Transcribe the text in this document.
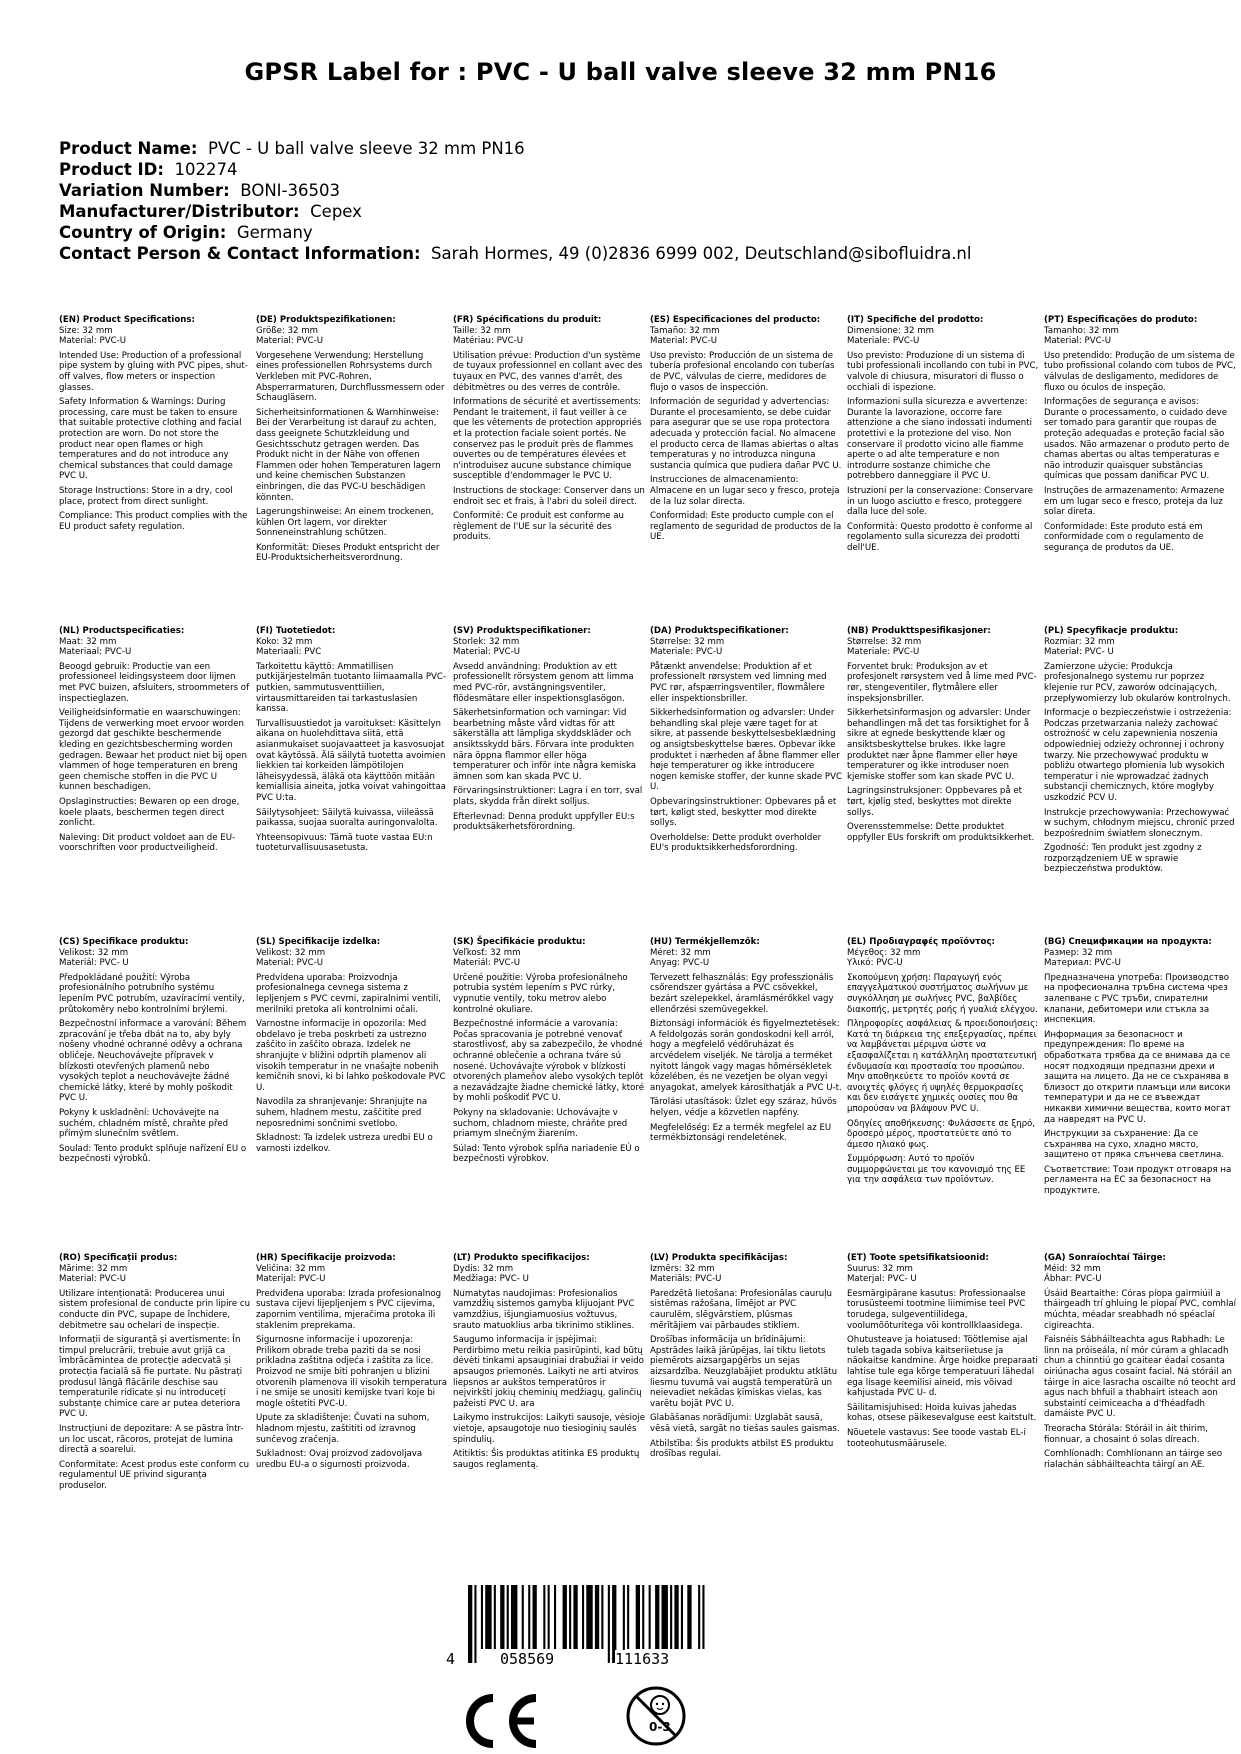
GPSR Label for : PVC - U ball valve sleeve 32 mm PN16
Product Name: PVC - U ball valve sleeve 32 mm PN16
Product ID: 102274
Variation Number: BONI-36503
Manufacturer/Distributor: Cepex
Country of Origin: Germany
Contact Person & Contact Information: Sarah Hormes, 49 (0)2836 6999 002, Deutschland@sibofluidra.nl
(EN) Product Specifications:
Size: 32 mm
Material: PVC-U

Intended Use: Production of a professional pipe system by gluing with PVC pipes, shut-off valves, flow meters or inspection glasses.

Safety Information & Warnings: During processing, care must be taken to ensure that suitable protective clothing and facial protection are worn. Do not store the product near open flames or high temperatures and do not introduce any chemical substances that could damage PVC U.

Storage Instructions: Store in a dry, cool place, protect from direct sunlight.

Compliance: This product complies with the EU product safety regulation.

(DE) Produktspezifikationen:
Größe: 32 mm
Material: PVC-U

Vorgesehene Verwendung: Herstellung eines professionellen Rohrsystems durch Verkleben mit PVC-Rohren, Absperrarmaturen, Durchflussmessern oder Schaugläsern.

Sicherheitsinformationen & Warnhinweise: Bei der Verarbeitung ist darauf zu achten, dass geeignete Schutzkleidung und Gesichtsschutz getragen werden. Das Produkt nicht in der Nähe von offenen Flammen oder hohen Temperaturen lagern und keine chemischen Substanzen einbringen, die das PVC-U beschädigen könnten.

Lagerungshinweise: An einem trockenen, kühlen Ort lagern, vor direkter Sonneneinstrahlung schützen.

Konformität: Dieses Produkt entspricht der EU-Produktsicherheitsverordnung.

(FR) Spécifications du produit:
Taille: 32 mm
Matériau: PVC-U

Utilisation prévue: Production d'un système de tuyaux professionnel en collant avec des tuyaux en PVC, des vannes d'arrêt, des débitmètres ou des verres de contrôle.

Informations de sécurité et avertissements: Pendant le traitement, il faut veiller à ce que les vêtements de protection appropriés et la protection faciale soient portés. Ne conservez pas le produit près de flammes ouvertes ou de températures élevées et n'introduisez aucune substance chimique susceptible d'endommager le PVC U.

Instructions de stockage: Conserver dans un endroit sec et frais, à l'abri du soleil direct.

Conformité: Ce produit est conforme au règlement de l'UE sur la sécurité des produits.

(ES) Especificaciones del producto:
Tamaño: 32 mm
Material: PVC-U

Uso previsto: Producción de un sistema de tubería profesional encolando con tuberías de PVC, válvulas de cierre, medidores de flujo o vasos de inspección.

Información de seguridad y advertencias: Durante el procesamiento, se debe cuidar para asegurar que se use ropa protectora adecuada y protección facial. No almacene el producto cerca de llamas abiertas o altas temperaturas y no introduzca ninguna sustancia química que pudiera dañar PVC U.

Instrucciones de almacenamiento: Almacene en un lugar seco y fresco, proteja de la luz solar directa.

Conformidad: Este producto cumple con el reglamento de seguridad de productos de la UE.

(IT) Specifiche del prodotto:
Dimensione: 32 mm
Materiale: PVC-U

Uso previsto: Produzione di un sistema di tubi professionali incollando con tubi in PVC, valvole di chiusura, misuratori di flusso o occhiali di ispezione.

Informazioni sulla sicurezza e avvertenze: Durante la lavorazione, occorre fare attenzione a che siano indossati indumenti protettivi e la protezione del viso. Non conservare il prodotto vicino alle fiamme aperte o ad alte temperature e non introdurre sostanze chimiche che potrebbero danneggiare il PVC U.

Istruzioni per la conservazione: Conservare in un luogo asciutto e fresco, proteggere dalla luce del sole.

Conformità: Questo prodotto è conforme al regolamento sulla sicurezza dei prodotti dell'UE.

(PT) Especificações do produto:
Tamanho: 32 mm
Material: PVC-U

Uso pretendido: Produção de um sistema de tubo profissional colando com tubos de PVC, válvulas de desligamento, medidores de fluxo ou óculos de inspeção.

Informações de segurança e avisos: Durante o processamento, o cuidado deve ser tomado para garantir que roupas de proteção adequadas e proteção facial são usados. Não armazenar o produto perto de chamas abertas ou altas temperaturas e não introduzir quaisquer substâncias químicas que possam danificar PVC U.

Instruções de armazenamento: Armazene em um lugar seco e fresco, proteja da luz solar direta.

Conformidade: Este produto está em conformidade com o regulamento de segurança de produtos da UE.

(NL) Productspecificaties:
Maat: 32 mm
Materiaal: PVC-U

Beoogd gebruik: Productie van een professioneel leidingsysteem door lijmen met PVC buizen, afsluiters, stroommeters of inspectieglazen.

Veiligheidsinformatie en waarschuwingen: Tijdens de verwerking moet ervoor worden gezorgd dat geschikte beschermende kleding en gezichtsbescherming worden gedragen. Bewaar het product niet bij open vlammen of hoge temperaturen en breng geen chemische stoffen in die PVC U kunnen beschadigen.

Opslaginstructies: Bewaren op een droge, koele plaats, beschermen tegen direct zonlicht.

Naleving: Dit product voldoet aan de EU-voorschriften voor productveiligheid.

(FI) Tuotetiedot:
Koko: 32 mm
Materiaali: PVC

Tarkoitettu käyttö: Ammatillisen putkijärjestelmän tuotanto liimaamalla PVC-putkien, sammutusventtiilien, virtausmittareiden tai tarkastuslasien kanssa.

Turvallisuustiedot ja varoitukset: Käsittelyn aikana on huolehdittava siitä, että asianmukaiset suojavaatteet ja kasvosuojat ovat käytössä. Älä säilytä tuotetta avoimien liekkien tai korkeiden lämpötilojen läheisyydessä, äläkä ota käyttöön mitään kemiallisia aineita, jotka voivat vahingoittaa PVC U:ta.

Säilytysohjeet: Säilytä kuivassa, viileässä paikassa, suojaa suoralta auringonvalolta.

Yhteensopivuus: Tämä tuote vastaa EU:n tuoteturvallisuusasetusta.

(SV) Produktspecifikationer:
Storlek: 32 mm
Material: PVC-U

Avsedd användning: Produktion av ett professionellt rörsystem genom att limma med PVC-rör, avstängningsventiler, flödesmätare eller inspektionsglasögon.

Säkerhetsinformation och varningar: Vid bearbetning måste vård vidtas för att säkerställa att lämpliga skyddskläder och ansiktsskydd bärs. Förvara inte produkten nära öppna flammor eller höga temperaturer och inför inte några kemiska ämnen som kan skada PVC U.

Förvaringsinstruktioner: Lagra i en torr, sval plats, skydda från direkt solljus.

Efterlevnad: Denna produkt uppfyller EU:s produktsäkerhetsförordning.

(DA) Produktspecifikationer:
Størrelse: 32 mm
Materiale: PVC-U

Påtænkt anvendelse: Produktion af et professionelt rørsystem ved limning med PVC rør, afspærringsventiler, flowmålere eller inspektionsbriller.

Sikkerhedsinformation og advarsler: Under behandling skal pleje være taget for at sikre, at passende beskyttelsesbeklædning og ansigtsbeskyttelse bæres. Opbevar ikke produktet i nærheden af åbne flammer eller høje temperaturer og ikke introducere nogen kemiske stoffer, der kunne skade PVC U.

Opbevaringsinstruktioner: Opbevares på et tørt, køligt sted, beskytter mod direkte sollys.

Overholdelse: Dette produkt overholder EU's produktsikkerhedsforordning.

(NB) Produkttspesifikasjoner:
Størrelse: 32 mm
Materiale: PVC-U

Forventet bruk: Produksjon av et profesjonelt rørsystem ved å lime med PVC-rør, stengeventiler, flytmålere eller inspeksjonsbriller.

Sikkerhetsinformasjon og advarsler: Under behandlingen må det tas forsiktighet for å sikre at egnede beskyttende klær og ansiktsbeskyttelse brukes. Ikke lagre produktet nær åpne flammer eller høye temperaturer og ikke introduser noen kjemiske stoffer som kan skade PVC U.

Lagringsinstruksjoner: Oppbevares på et tørt, kjølig sted, beskyttes mot direkte sollys.

Overensstemmelse: Dette produktet oppfyller EUs forskrift om produktsikkerhet.

(PL) Specyfikacje produktu:
Rozmiar: 32 mm
Materiał: PVC- U

Zamierzone użycie: Produkcja profesjonalnego systemu rur poprzez klejenie rur PCV, zaworów odcinających, przepływomierzy lub okularów kontrolnych.

Informacje o bezpieczeństwie i ostrzeżenia: Podczas przetwarzania należy zachować ostrożność w celu zapewnienia noszenia odpowiedniej odzieży ochronnej i ochrony twarzy. Nie przechowywać produktu w pobliżu otwartego płomienia lub wysokich temperatur i nie wprowadzać żadnych substancji chemicznych, które mogłyby uszkodzić PCV U.

Instrukcje przechowywania: Przechowywać w suchym, chłodnym miejscu, chronić przed bezpośrednim światłem słonecznym.

Zgodność: Ten produkt jest zgodny z rozporządzeniem UE w sprawie bezpieczeństwa produktów.

(CS) Specifikace produktu:
Velikost: 32 mm
Materiál: PVC- U

Předpokládané použití: Výroba profesionálního potrubního systému lepením PVC potrubím, uzavíracími ventily, průtokoměry nebo kontrolními brýlemi.

Bezpečnostní informace a varování: Během zpracování je třeba dbát na to, aby byly nošeny vhodné ochranné oděvy a ochrana obličeje. Neuchovávejte přípravek v blízkosti otevřených plamenů nebo vysokých teplot a neuchovávejte žádné chemické látky, které by mohly poškodit PVC U.

Pokyny k uskladnění: Uchovávejte na suchém, chladném místě, chraňte před přímým slunečním světlem.

Soulad: Tento produkt splňuje nařízení EU o bezpečnosti výrobků.

(SL) Specifikacije izdelka:
Velikost: 32 mm
Material: PVC-U

Predvidena uporaba: Proizvodnja profesionalnega cevnega sistema z lepljenjem s PVC cevmi, zapiralnimi ventili, merilniki pretoka ali kontrolnimi očali.

Varnostne informacije in opozorila: Med obdelavo je treba poskrbeti za ustrezno zaščito in zaščito obraza. Izdelek ne shranjujte v bližini odprtih plamenov ali visokih temperatur in ne vnašajte nobenih kemičnih snovi, ki bi lahko poškodovale PVC U.

Navodila za shranjevanje: Shranjujte na suhem, hladnem mestu, zaščitite pred neposrednimi sončnimi svetlobo.

Skladnost: Ta izdelek ustreza uredbi EU o varnosti izdelkov.

(SK) Špecifikácie produktu:
Veľkosť: 32 mm
Materiál: PVC-U

Určené použitie: Výroba profesionálneho potrubia systém lepením s PVC rúrky, vypnutie ventily, toku metrov alebo kontrolné okuliare.

Bezpečnostné informácie a varovania: Počas spracovania je potrebné venovať starostlivosť, aby sa zabezpečilo, že vhodné ochranné oblečenie a ochrana tváre sú nosené. Uchovávajte výrobok v blízkosti otvorených plameňov alebo vysokých teplôt a nezavádzajte žiadne chemické látky, ktoré by mohli poškodiť PVC U.

Pokyny na skladovanie: Uchovávajte v suchom, chladnom mieste, chráňte pred priamym slnečným žiarením.

Súlad: Tento výrobok spĺňa nariadenie EÚ o bezpečnosti výrobkov.

(HU) Termékjellemzők:
Méret: 32 mm
Anyag: PVC-U

Tervezett felhasználás: Egy professzionális csőrendszer gyártása a PVC csövekkel, bezárt szelepekkel, áramlásmérőkkel vagy ellenőrzési szemüvegekkel.

Biztonsági információk és figyelmeztetések: A feldolgozás során gondoskodni kell arról, hogy a megfelelő védőruházat és arcvédelem viseljék. Ne tárolja a terméket nyitott lángok vagy magas hőmérsékletek közelében, és ne vezetjen be olyan vegyi anyagokat, amelyek károsíthatják a PVC U-t.

Tárolási utasítások: Üzlet egy száraz, hűvös helyen, védje a közvetlen napfény.

Megfelelőség: Ez a termék megfelel az EU termékbiztonsági rendeletének.

(EL) Προδιαγραφές προϊόντος:
Μέγεθος: 32 mm
Υλικό: PVC-U

Σκοπούμενη χρήση: Παραγωγή ενός επαγγελματικού συστήματος σωλήνων με συγκόλληση με σωλήνες PVC, βαλβίδες διακοπής, μετρητές ροής ή γυαλιά ελέγχου.

Πληροφορίες ασφάλειας & προειδοποιήσεις: Κατά τη διάρκεια της επεξεργασίας, πρέπει να λαμβάνεται μέριμνα ώστε να εξασφαλίζεται η κατάλληλη προστατευτική ένδυμασία και προστασία του προσώπου. Μην αποθηκεύετε το προϊόν κοντά σε ανοιχτές φλόγες ή υψηλές θερμοκρασίες και δεν εισάγετε χημικές ουσίες που θα μπορούσαν να βλάψουν PVC U.

Οδηγίες αποθήκευσης: Φυλάσσετε σε ξηρό, δροσερό μέρος, προστατεύετε από το άμεσο ηλιακό φως.

Συμμόρφωση: Αυτό το προϊόν συμμορφώνεται με τον κανονισμό της ΕΕ για την ασφάλεια των προϊόντων.

(BG) Спецификации на продукта:
Размер: 32 mm
Материал: PVC-U

Предназначена употреба: Производство на професионална тръбна система чрез залепване с PVC тръби, спирателни клапани, дебитомери или стъкла за инспекция.

Информация за безопасност и предупреждения: По време на обработката трябва да се внимава да се носят подходящи предпазни дрехи и защита на лицето. Да не се съхранява в близост до открити пламъци или високи температури и да не се въвеждат никакви химични вещества, които могат да навредят на PVC U.

Инструкции за съхранение: Да се съхранява на сухо, хладно място, защитено от пряка слънчева светлина.

Съответствие: Този продукт отговаря на регламента на ЕС за безопасност на продуктите.

(RO) Specificații produs:
Mărime: 32 mm
Material: PVC-U

Utilizare intenționată: Producerea unui sistem profesional de conducte prin lipire cu conducte din PVC, supape de închidere, debitmetre sau ochelari de inspecție.

Informații de siguranță și avertismente: În timpul prelucrării, trebuie avut grijă ca îmbrăcămintea de protecție adecvată și protecția facială să fie purtate. Nu păstrați produsul lângă flăcările deschise sau temperaturile ridicate și nu introduceți substanțe chimice care ar putea deteriora PVC U.

Instrucțiuni de depozitare: A se păstra într- un loc uscat, răcoros, protejat de lumina directă a soarelui.

Conformitate: Acest produs este conform cu regulamentul UE privind siguranța produselor.

(HR) Specifikacije proizvoda:
Veličina: 32 mm
Materijal: PVC-U

Predviđena uporaba: Izrada profesionalnog sustava cijevi lijepljenjem s PVC cijevima, zapornim ventilima, mjeračima protoka ili staklenim preprekama.

Sigurnosne informacije i upozorenja: Prilikom obrade treba paziti da se nosi prikladna zaštitna odjeća i zaštita za lice. Proizvod ne smije biti pohranjen u blizini otvorenih plamenova ili visokih temperatura i ne smije se unositi kemijske tvari koje bi mogle oštetiti PVC-U.

Upute za skladištenje: Čuvati na suhom, hladnom mjestu, zaštititi od izravnog sunčevog zračenja.

Sukladnost: Ovaj proizvod zadovoljava uredbu EU-a o sigurnosti proizvoda.

(LT) Produkto specifikacijos:
Dydis: 32 mm
Medžiaga: PVC- U

Numatytas naudojimas: Profesionalios vamzdžių sistemos gamyba klijuojant PVC vamzdžius, išjungiamuosius vožtuvus, srauto matuoklius arba tikrinimo stiklines.

Saugumo informacija ir įspėjimai: Perdirbimo metu reikia pasirūpinti, kad būtų dėvėti tinkami apsauginiai drabužiai ir veido apsaugos priemonės. Laikyti ne arti atviros liepsnos ar aukštos temperatūros ir neįvirkšti jokių cheminių medžiagų, galinčių pažeisti PVC U. ara

Laikymo instrukcijos: Laikyti sausoje, vėsioje vietoje, apsaugotoje nuo tiesioginių saulės spindulių.

Atitiktis: Šis produktas atitinka ES produktų saugos reglamentą.

(LV) Produkta specifikācijas:
Izmērs: 32 mm
Materiāls: PVC-U

Paredzētā lietošana: Profesionālas cauruļu sistēmas ražošana, līmējot ar PVC caurulēm, slēgvārstiem, plūsmas mērītājiem vai pārbaudes stikliem.

Drošības informācija un brīdinājumi: Apstrādes laikā jārūpējas, lai tiktu lietots piemērots aizsargapģērbs un sejas aizsardzība. Neuzglabājiet produktu atklātu liesmu tuvumā vai augstā temperatūrā un neievadiet nekādas ķīmiskas vielas, kas varētu bojāt PVC U.

Glabāšanas norādījumi: Uzglabāt sausā, vēsā vietā, sargāt no tiešas saules gaismas.

Atbilstība: Šis produkts atbilst ES produktu drošības regulai.

(ET) Toote spetsifikatsioonid:
Suurus: 32 mm
Materjal: PVC- U

Eesmärgipärane kasutus: Professionaalse torusüsteemi tootmine liimimise teel PVC torudega, sulgeventiilidega, voolumõõturitega või kontrollklaasidega.

Ohutusteave ja hoiatused: Töötlemise ajal tuleb tagada sobiva kaitseriietuse ja näokaitse kandmine. Ärge hoidke preparaati lahtise tule ega kõrge temperatuuri lähedal ega lisage keemilisi aineid, mis võivad kahjustada PVC U- d.

Säilitamisjuhised: Hoida kuivas jahedas kohas, otsese päikesevalguse eest kaitstult.

Nõuetele vastavus: See toode vastab EL-i tooteohutusmäärusele.

(GA) Sonraíochtaí Táirge:
Méid: 32 mm
Ábhar: PVC-U

Úsáid Beartaithe: Córas píopa gairmiúil a tháirgeadh trí ghluing le píopaí PVC, comhlaí múchta, méadar sreabhadh nó spéaclaí cigireachta.

Faisnéis Sábháilteachta agus Rabhadh: Le linn na próiseála, ní mór cúram a ghlacadh chun a chinntiú go gcaitear éadaí cosanta oiriúnacha agus cosaint facial. Ná stóráil an táirge in aice lasracha oscailte nó teocht ard agus nach bhfuil a thabhairt isteach aon substaintí ceimiceacha a d'fhéadfadh damáiste PVC U.

Treoracha Stórála: Stóráil in áit thirim, fionnuar, a chosaint ó solas díreach.

Comhlíonadh: Comhlíonann an táirge seo rialachán sábháilteachta táirgí an AE.

4	058569	111633
0-3
